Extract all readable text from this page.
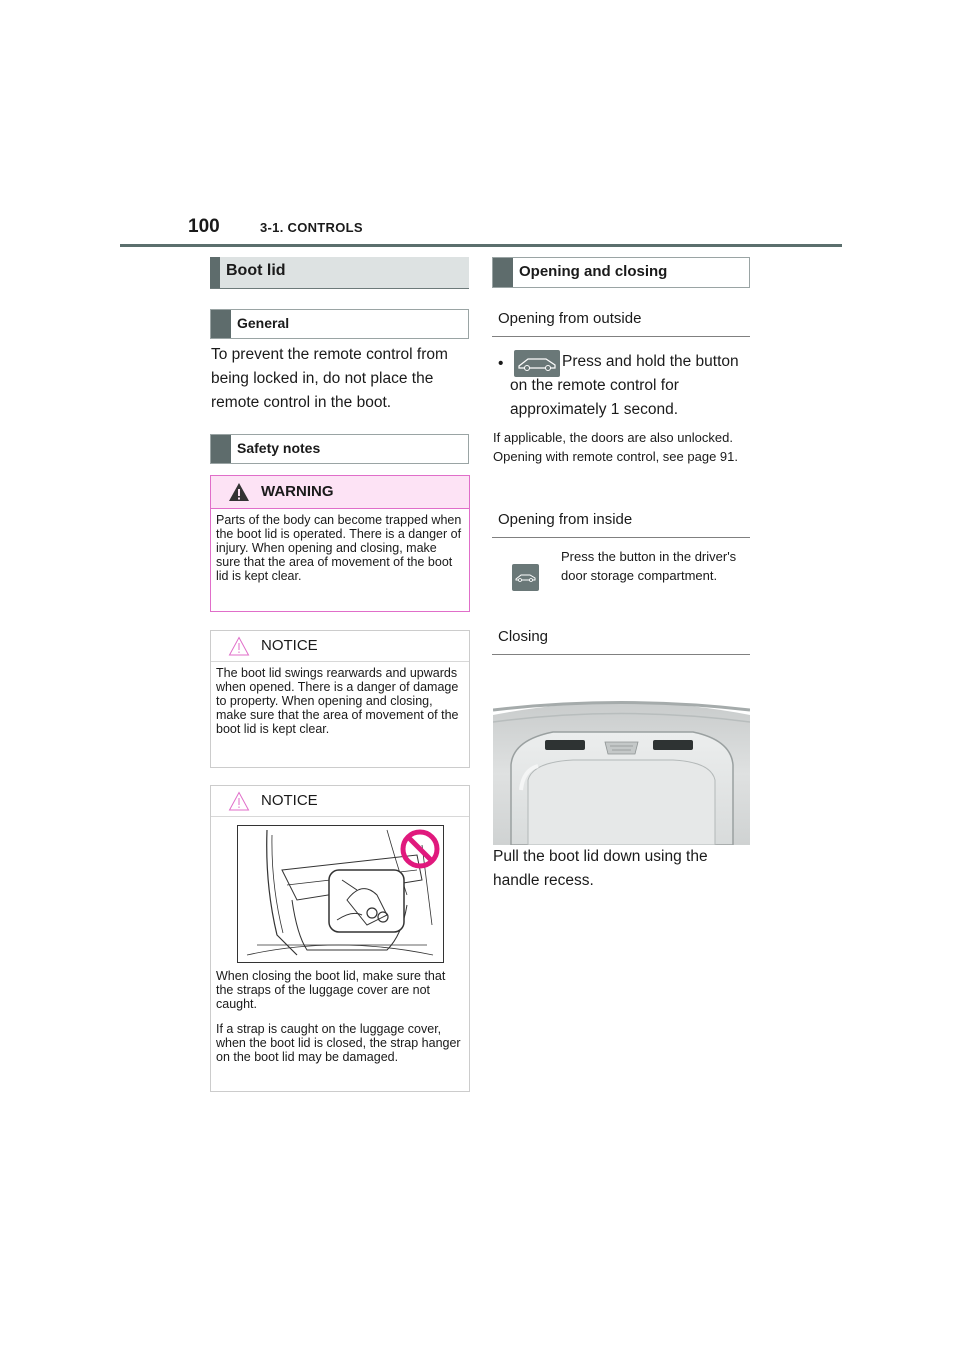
100	3-1. CONTROLS
Boot lid
General
To prevent the remote control from being locked in, do not place the remote control in the boot.
Safety notes
WARNING
Parts of the body can become trapped when the boot lid is operated. There is a danger of injury. When opening and closing, make sure that the area of movement of the boot lid is kept clear.
NOTICE
The boot lid swings rearwards and upwards when opened. There is a danger of damage to property. When opening and closing, make sure that the area of movement of the boot lid is kept clear.
NOTICE
When closing the boot lid, make sure that the straps of the luggage cover are not caught.
If a strap is caught on the luggage cover, when the boot lid is closed, the strap hanger on the boot lid may be damaged.
Opening and closing
Opening from outside
•	Press and hold the button on the remote control for approximately 1 second.
If applicable, the doors are also unlocked. Opening with remote control, see page 91.
Opening from inside
Press the button in the driver's door storage compartment.
Closing
Pull the boot lid down using the handle recess.
